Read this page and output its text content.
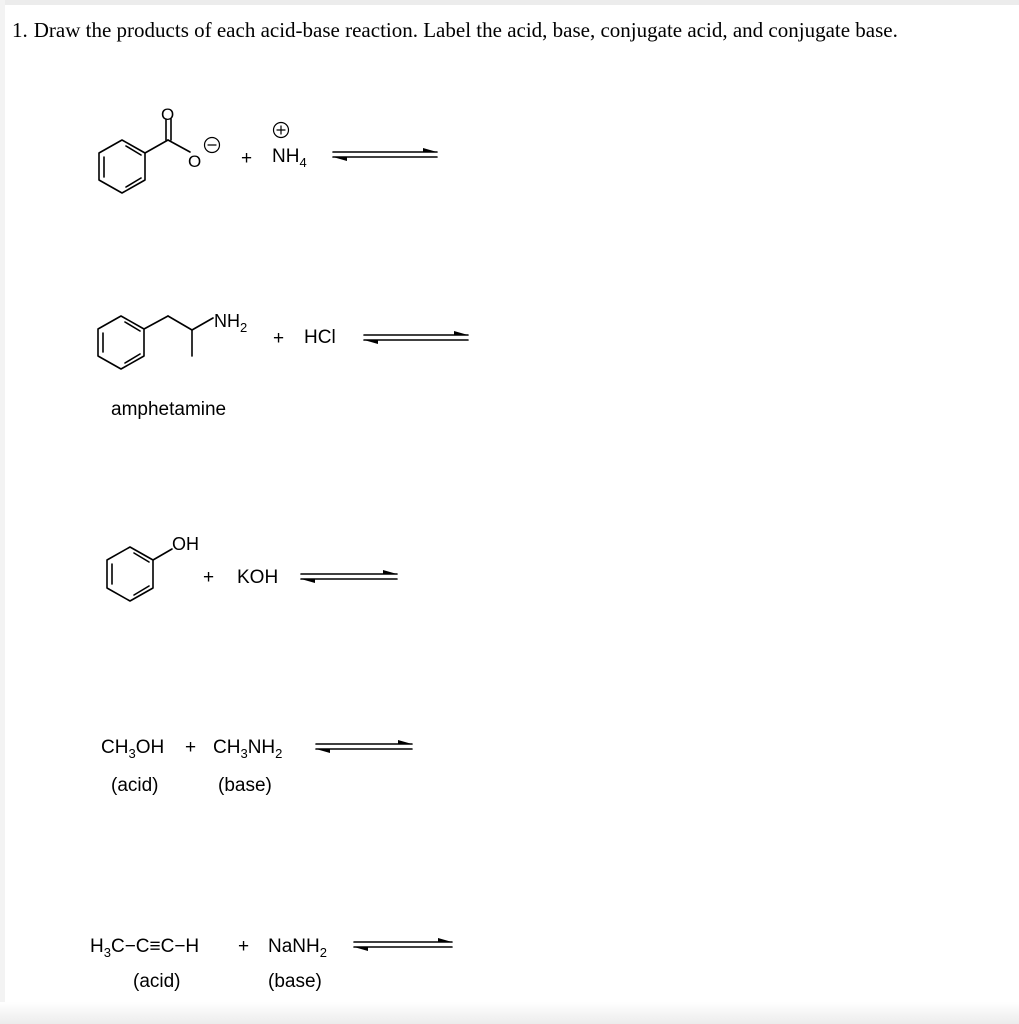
1. Draw the products of each acid-base reaction. Label the acid, base, conjugate acid, and conjugate base.

O
O
$NH_2$
OH
+ $NH_4$
+ HCl
amphetamine
+ KOH
$CH_3OH + CH_3NH_2$
(acid)	(base)
$H_3C-C\equiv C-H$ + NaNH$_2$
(acid)	(base)
